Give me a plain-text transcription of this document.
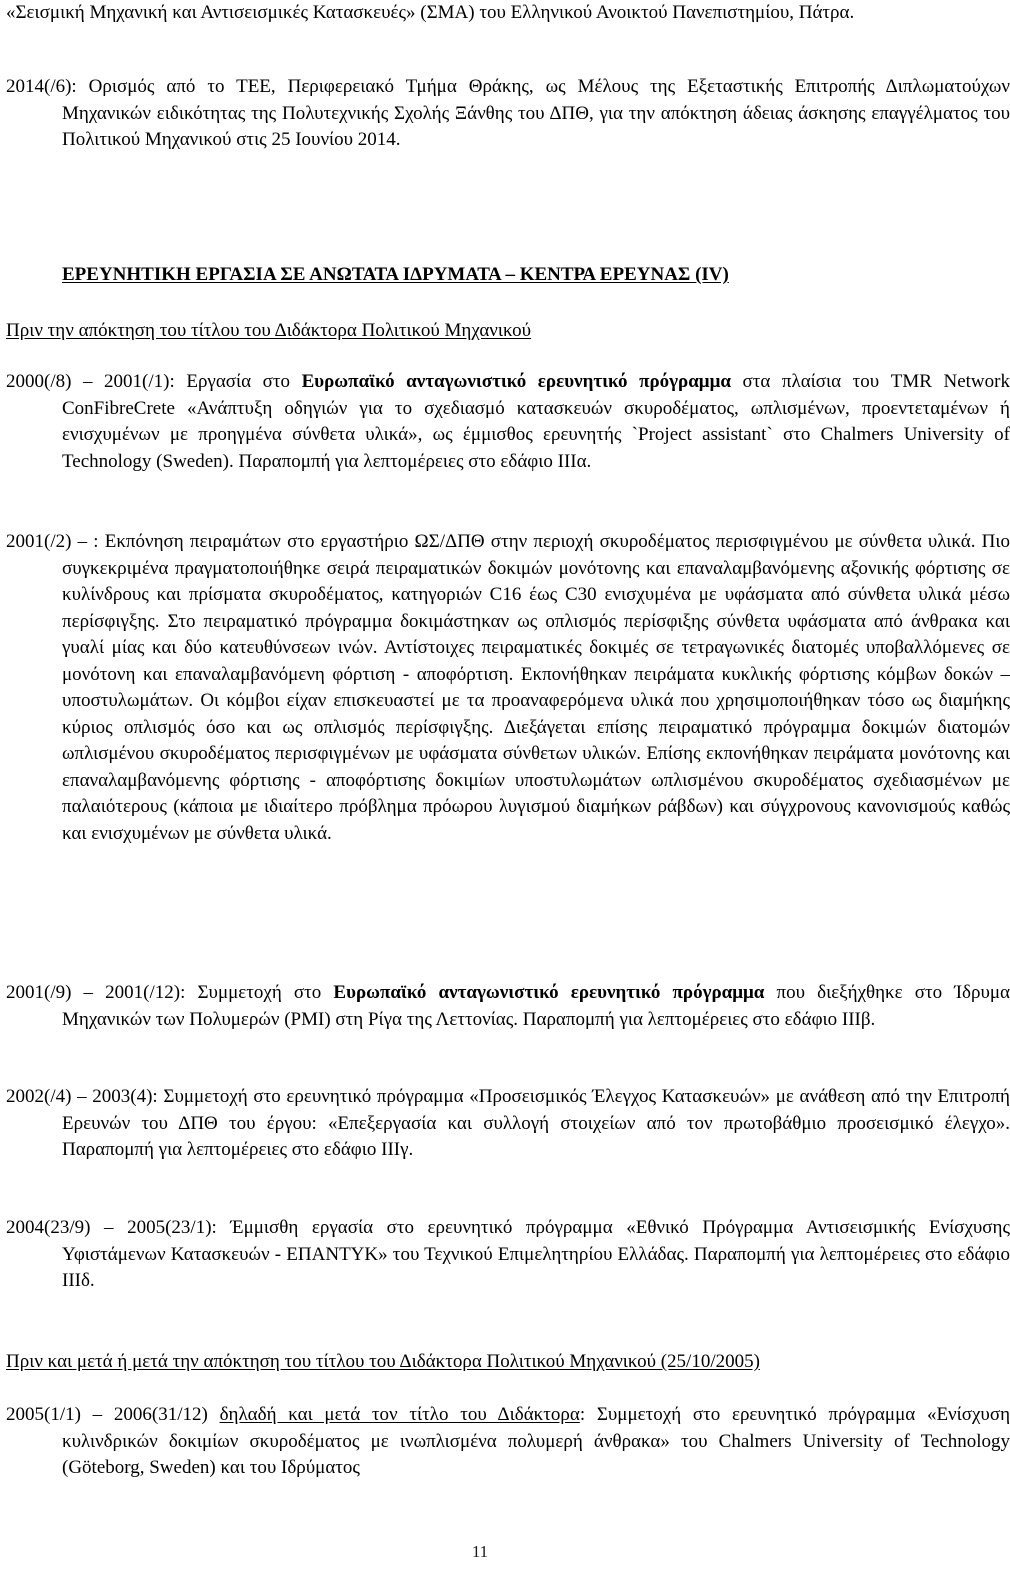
«Σεισμική Μηχανική και Αντισεισμικές Κατασκευές» (ΣΜΑ) του Ελληνικού Ανοικτού Πανεπιστημίου, Πάτρα.
2014(/6): Ορισμός από το ΤΕΕ, Περιφερειακό Τμήμα Θράκης, ως Μέλους της Εξεταστικής Επιτροπής Διπλωματούχων Μηχανικών ειδικότητας της Πολυτεχνικής Σχολής Ξάνθης του ΔΠΘ, για την απόκτηση άδειας άσκησης επαγγέλματος του Πολιτικού Μηχανικού στις 25 Ιουνίου 2014.
ΕΡΕΥΝΗΤΙΚΗ ΕΡΓΑΣΙΑ ΣΕ ΑΝΩΤΑΤΑ ΙΔΡΥΜΑΤΑ – ΚΕΝΤΡΑ ΕΡΕΥΝΑΣ (IV)
Πριν την απόκτηση του τίτλου του Διδάκτορα Πολιτικού Μηχανικού
2000(/8) – 2001(/1): Εργασία στο Ευρωπαϊκό ανταγωνιστικό ερευνητικό πρόγραμμα στα πλαίσια του TMR Network ConFibreCrete «Ανάπτυξη οδηγιών για το σχεδιασμό κατασκευών σκυροδέματος, ωπλισμένων, προεντεταμένων ή ενισχυμένων με προηγμένα σύνθετα υλικά», ως έμμισθος ερευνητής `Project assistant` στο Chalmers University of Technology (Sweden). Παραπομπή για λεπτομέρειες στο εδάφιο ΙΙΙα.
2001(/2) – : Εκπόνηση πειραμάτων στο εργαστήριο ΩΣ/ΔΠΘ στην περιοχή σκυροδέματος περισφιγμένου με σύνθετα υλικά. Πιο συγκεκριμένα πραγματοποιήθηκε σειρά πειραματικών δοκιμών μονότονης και επαναλαμβανόμενης αξονικής φόρτισης σε κυλίνδρους και πρίσματα σκυροδέματος, κατηγοριών C16 έως C30 ενισχυμένα με υφάσματα από σύνθετα υλικά μέσω περίσφιγξης. Στο πειραματικό πρόγραμμα δοκιμάστηκαν ως οπλισμός περίσφιξης σύνθετα υφάσματα από άνθρακα και γυαλί μίας και δύο κατευθύνσεων ινών. Αντίστοιχες πειραματικές δοκιμές σε τετραγωνικές διατομές υποβαλλόμενες σε μονότονη και επαναλαμβανόμενη φόρτιση - αποφόρτιση. Εκπονήθηκαν πειράματα κυκλικής φόρτισης κόμβων δοκών – υποστυλωμάτων. Οι κόμβοι είχαν επισκευαστεί με τα προαναφερόμενα υλικά που χρησιμοποιήθηκαν τόσο ως διαμήκης κύριος οπλισμός όσο και ως οπλισμός περίσφιγξης. Διεξάγεται επίσης πειραματικό πρόγραμμα δοκιμών διατομών ωπλισμένου σκυροδέματος περισφιγμένων με υφάσματα σύνθετων υλικών. Επίσης εκπονήθηκαν πειράματα μονότονης και επαναλαμβανόμενης φόρτισης - αποφόρτισης δοκιμίων υποστυλωμάτων ωπλισμένου σκυροδέματος σχεδιασμένων με παλαιότερους (κάποια με ιδιαίτερο πρόβλημα πρόωρου λυγισμού διαμήκων ράβδων) και σύγχρονους κανονισμούς καθώς και ενισχυμένων με σύνθετα υλικά.
2001(/9) – 2001(/12): Συμμετοχή στο Ευρωπαϊκό ανταγωνιστικό ερευνητικό πρόγραμμα που διεξήχθηκε στο Ίδρυμα Μηχανικών των Πολυμερών (PMI) στη Ρίγα της Λεττονίας. Παραπομπή για λεπτομέρειες στο εδάφιο ΙΙΙβ.
2002(/4) – 2003(4): Συμμετοχή στο ερευνητικό πρόγραμμα «Προσεισμικός Έλεγχος Κατασκευών» με ανάθεση από την Επιτροπή Ερευνών του ΔΠΘ του έργου: «Επεξεργασία και συλλογή στοιχείων από τον πρωτοβάθμιο προσεισμικό έλεγχο». Παραπομπή για λεπτομέρειες στο εδάφιο ΙΙΙγ.
2004(23/9) – 2005(23/1): Έμμισθη εργασία στο ερευνητικό πρόγραμμα «Εθνικό Πρόγραμμα Αντισεισμικής Ενίσχυσης Υφιστάμενων Κατασκευών - ΕΠΑΝΤΥΚ» του Τεχνικού Επιμελητηρίου Ελλάδας. Παραπομπή για λεπτομέρειες στο εδάφιο ΙΙΙδ.
Πριν και μετά ή μετά την απόκτηση του τίτλου του Διδάκτορα Πολιτικού Μηχανικού (25/10/2005)
2005(1/1) – 2006(31/12) δηλαδή και μετά τον τίτλο του Διδάκτορα: Συμμετοχή στο ερευνητικό πρόγραμμα «Ενίσχυση κυλινδρικών δοκιμίων σκυροδέματος με ινωπλισμένα πολυμερή άνθρακα» του Chalmers University of Technology (Göteborg, Sweden) και του Ιδρύματος
11
